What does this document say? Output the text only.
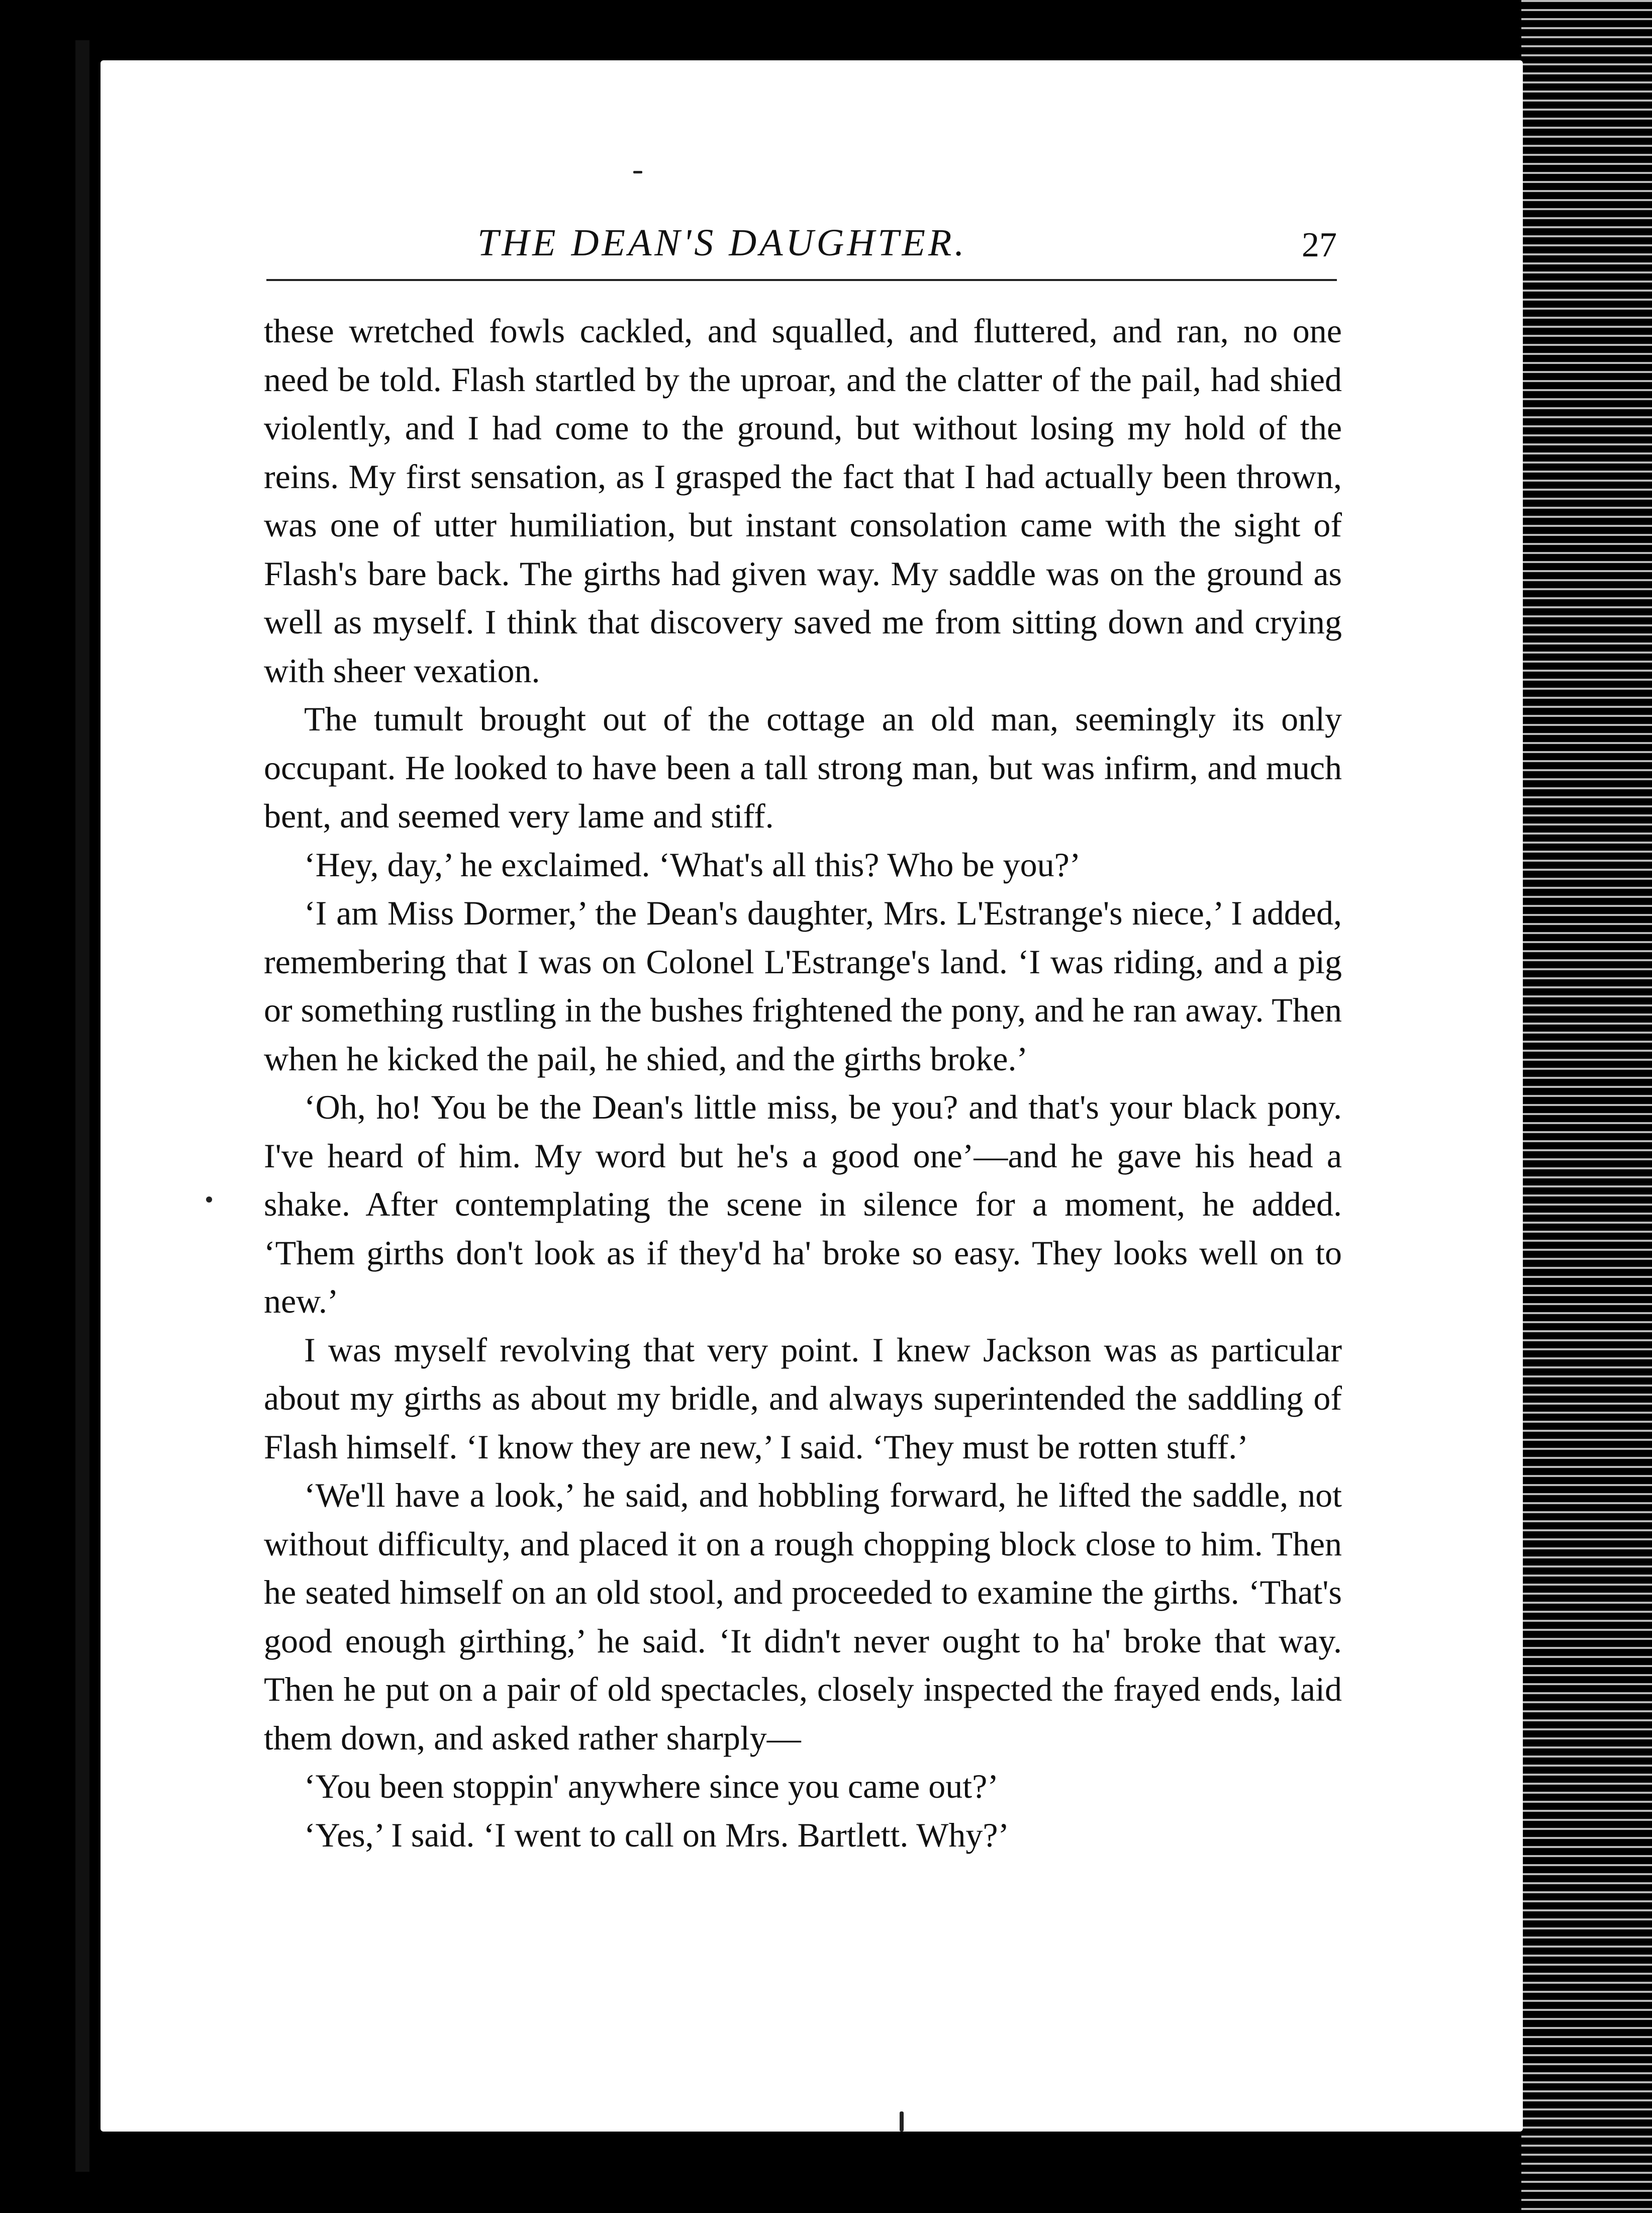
THE DEAN'S DAUGHTER.	27

these wretched fowls cackled, and squalled, and fluttered, and ran, no one need be told. Flash startled by the uproar, and the clatter of the pail, had shied violently, and I had come to the ground, but without losing my hold of the reins. My first sensation, as I grasped the fact that I had actually been thrown, was one of utter humiliation, but instant consolation came with the sight of Flash's bare back. The girths had given way. My saddle was on the ground as well as myself. I think that discovery saved me from sitting down and crying with sheer vexation.

The tumult brought out of the cottage an old man, seemingly its only occupant. He looked to have been a tall strong man, but was infirm, and much bent, and seemed very lame and stiff.

‘Hey, day,’ he exclaimed. ‘What's all this? Who be you?’

‘I am Miss Dormer,’ the Dean's daughter, Mrs. L'Estrange's niece,’ I added, remembering that I was on Colonel L'Estrange's land. ‘I was riding, and a pig or something rustling in the bushes frightened the pony, and he ran away. Then when he kicked the pail, he shied, and the girths broke.’

‘Oh, ho! You be the Dean's little miss, be you? and that's your black pony. I've heard of him. My word but he's a good one’—and he gave his head a shake. After contemplating the scene in silence for a moment, he added. ‘Them girths don't look as if they'd ha' broke so easy. They looks well on to new.’

I was myself revolving that very point. I knew Jackson was as particular about my girths as about my bridle, and always superintended the saddling of Flash himself. ‘I know they are new,’ I said. ‘They must be rotten stuff.’

‘We'll have a look,’ he said, and hobbling forward, he lifted the saddle, not without difficulty, and placed it on a rough chopping block close to him. Then he seated himself on an old stool, and proceeded to examine the girths. ‘That's good enough girthing,’ he said. ‘It didn't never ought to ha' broke that way. Then he put on a pair of old spectacles, closely inspected the frayed ends, laid them down, and asked rather sharply—

‘You been stoppin' anywhere since you came out?’

‘Yes,’ I said. ‘I went to call on Mrs. Bartlett. Why?’
